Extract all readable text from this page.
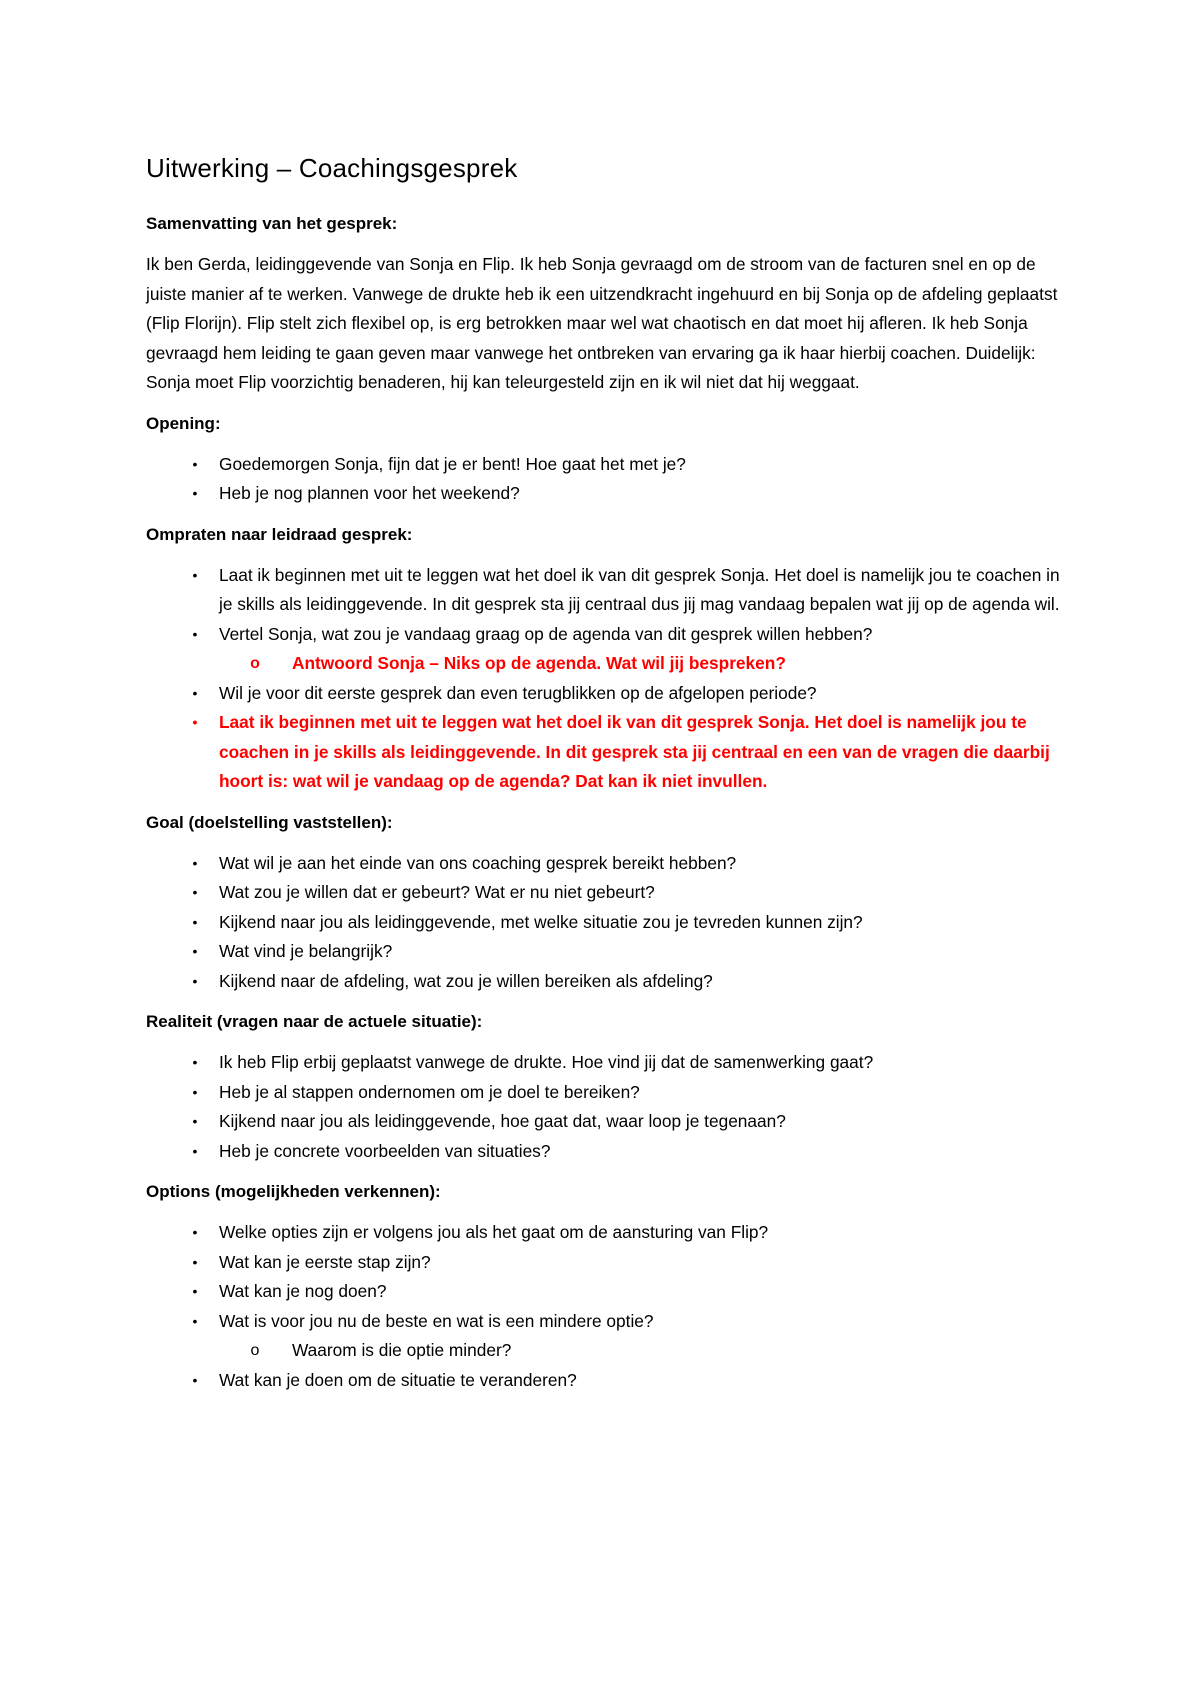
Uitwerking – Coachingsgesprek
Samenvatting van het gesprek:

Ik ben Gerda, leidinggevende van Sonja en Flip. Ik heb Sonja gevraagd om de stroom van de facturen snel en op de juiste manier af te werken. Vanwege de drukte heb ik een uitzendkracht ingehuurd en bij Sonja op de afdeling geplaatst (Flip Florijn). Flip stelt zich flexibel op, is erg betrokken maar wel wat chaotisch en dat moet hij afleren. Ik heb Sonja gevraagd hem leiding te gaan geven maar vanwege het ontbreken van ervaring ga ik haar hierbij coachen. Duidelijk: Sonja moet Flip voorzichtig benaderen, hij kan teleurgesteld zijn en ik wil niet dat hij weggaat.

Opening:
•	Goedemorgen Sonja, fijn dat je er bent! Hoe gaat het met je?
•	Heb je nog plannen voor het weekend?
Ompraten naar leidraad gesprek:
•	Laat ik beginnen met uit te leggen wat het doel ik van dit gesprek Sonja. Het doel is namelijk jou te coachen in je skills als leidinggevende. In dit gesprek sta jij centraal dus jij mag vandaag bepalen wat jij op de agenda wil.
•	Vertel Sonja, wat zou je vandaag graag op de agenda van dit gesprek willen hebben?
o Antwoord Sonja – Niks op de agenda. Wat wil jij bespreken?
•	Wil je voor dit eerste gesprek dan even terugblikken op de afgelopen periode?
•	Laat ik beginnen met uit te leggen wat het doel ik van dit gesprek Sonja. Het doel is namelijk jou te coachen in je skills als leidinggevende. In dit gesprek sta jij centraal en een van de vragen die daarbij hoort is: wat wil je vandaag op de agenda? Dat kan ik niet invullen.
Goal (doelstelling vaststellen):
•	Wat wil je aan het einde van ons coaching gesprek bereikt hebben?
•	Wat zou je willen dat er gebeurt? Wat er nu niet gebeurt?
•	Kijkend naar jou als leidinggevende, met welke situatie zou je tevreden kunnen zijn?
•	Wat vind je belangrijk?
•	Kijkend naar de afdeling, wat zou je willen bereiken als afdeling?
Realiteit (vragen naar de actuele situatie):
•	Ik heb Flip erbij geplaatst vanwege de drukte. Hoe vind jij dat de samenwerking gaat?
•	Heb je al stappen ondernomen om je doel te bereiken?
•	Kijkend naar jou als leidinggevende, hoe gaat dat, waar loop je tegenaan?
•	Heb je concrete voorbeelden van situaties?
Options (mogelijkheden verkennen):
•	Welke opties zijn er volgens jou als het gaat om de aansturing van Flip?
•	Wat kan je eerste stap zijn?
•	Wat kan je nog doen?
•	Wat is voor jou nu de beste en wat is een mindere optie?
o	Waarom is die optie minder?
•	Wat kan je doen om de situatie te veranderen?
